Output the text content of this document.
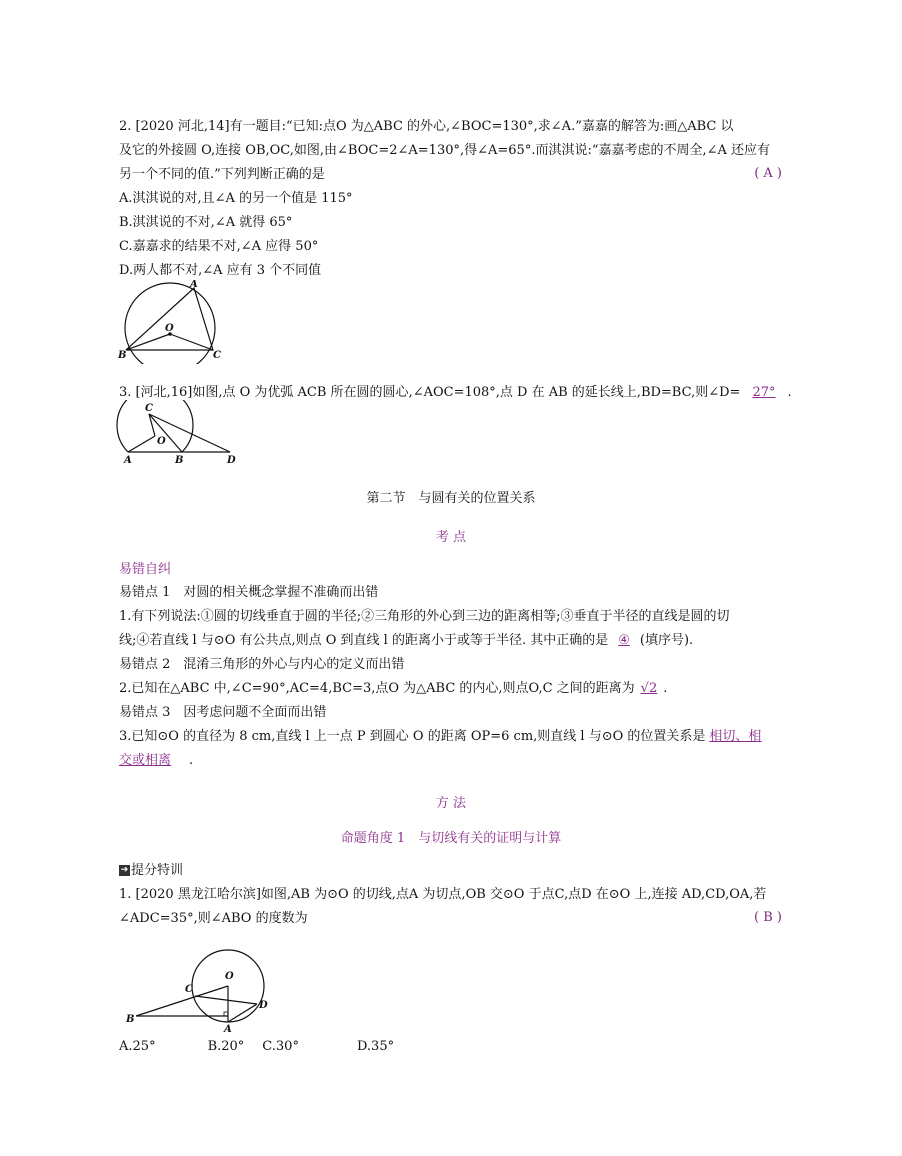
2. [2020 河北,14]有一题目:“已知:点O 为△ABC 的外心,∠BOC=130°,求∠A.”嘉嘉的解答为:画△ABC 以
及它的外接圆 O,连接 OB,OC,如图,由∠BOC=2∠A=130°,得∠A=65°.而淇淇说:“嘉嘉考虑的不周全,∠A 还应有
另一个不同的值.”下列判断正确的是	( A )
A.淇淇说的对,且∠A 的另一个值是 115°
B.淇淇说的不对,∠A 就得 65°
C.嘉嘉求的结果不对,∠A 应得 50°
D.两人都不对,∠A 应有 3 个不同值
A
B	C
O
3. [河北,16]如图,点 O 为优弧 ACB 所在圆的圆心,∠AOC=108°,点 D 在 AB 的延长线上,BD=BC,则∠D= 27° .
A	B
C
D
O
第二节　与圆有关的位置关系
考 点
易错自纠
易错点 1　对圆的相关概念掌握不准确而出错
1.有下列说法:①圆的切线垂直于圆的半径;②三角形的外心到三边的距离相等;③垂直于半径的直线是圆的切
线;④若直线 l 与⊙O 有公共点,则点 O 到直线 l 的距离小于或等于半径. 其中正确的是 ④ (填序号).
易错点 2　混淆三角形的外心与内心的定义而出错
2.已知在△ABC 中,∠C=90°,AC=4,BC=3,点O 为△ABC 的内心,则点O,C 之间的距离为 √2 .
易错点 3　因考虑问题不全面而出错
3.已知⊙O 的直径为 8 cm,直线 l 上一点 P 到圆心 O 的距离 OP=6 cm,则直线 l 与⊙O 的位置关系是 相切、相
交或相离 .
方 法
命题角度 1　与切线有关的证明与计算
➔ 提分特训
1. [2020 黑龙江哈尔滨]如图,AB 为⊙O 的切线,点A 为切点,OB 交⊙O 于点C,点D 在⊙O 上,连接 AD,CD,OA,若
∠ADC=35°,则∠ABO 的度数为	( B )
B
C
O
D
A
A.25°	B.20° C.30°	D.35°
